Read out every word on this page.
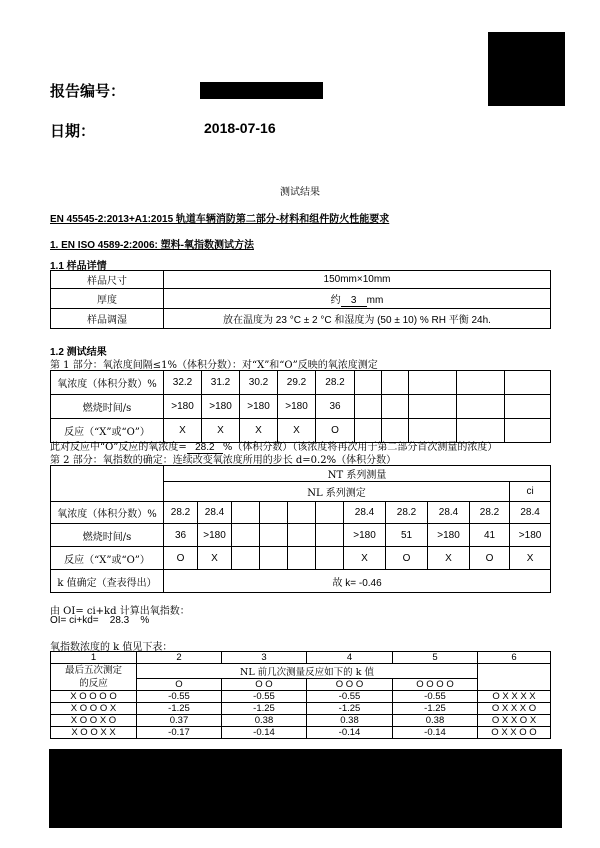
报告编号：
日期：	2018-07-16
测试结果
EN 45545-2:2013+A1:2015 轨道车辆消防第二部分-材料和组件防火性能要求
1. EN ISO 4589-2:2006: 塑料-氧指数测试方法
1.1 样品详情
样品尺寸	150mm×10mm
厚度	约 3 mm
样品调湿	放在温度为 23 °C ± 2 °C 和湿度为 (50 ± 10) % RH 平衡 24h.
1.2 测试结果
第 1 部分：氧浓度间隔≤1%（体积分数）：对“X”和“O”反映的氧浓度测定
氧浓度（体积分数）%	32.2	31.2	30.2	29.2	28.2					
燃烧时间/s	>180	>180	>180	>180	36					
反应（“X”或“O”）	X	X	X	X	O					
此对反应中“O”反应的氧浓度= 28.2 %（体积分数）（该浓度将再次用于第二部分首次测量的浓度）
第 2 部分：氧指数的确定：连续改变氧浓度所用的步长 d=0.2%（体积分数）
	NT 系列测量										
	NL 系列测定										ci
氧浓度（体积分数）%	28.2	28.4					28.4	28.2	28.4	28.2	28.4
燃烧时间/s	36	>180					>180	51	>180	41	>180
反应（“X”或“O”）	O	X					X	O	X	O	X
k 值确定（查表得出）	故 k= -0.46										
由 OI= ci+kd 计算出氧指数：
OI= ci+kd= 28.3 %
氧指数浓度的 k 值见下表：
1	2	3	4	5	6
最后五次测定的反应	NL 前几次测量反应如下的 k 值				
	O	O O	O O O	O O O O	
X O O O O	-0.55	-0.55	-0.55	-0.55	O X X X X
X O O O X	-1.25	-1.25	-1.25	-1.25	O X X X O
X O O X O	0.37	0.38	0.38	0.38	O X X O X
X O O X X	-0.17	-0.14	-0.14	-0.14	O X X O O
